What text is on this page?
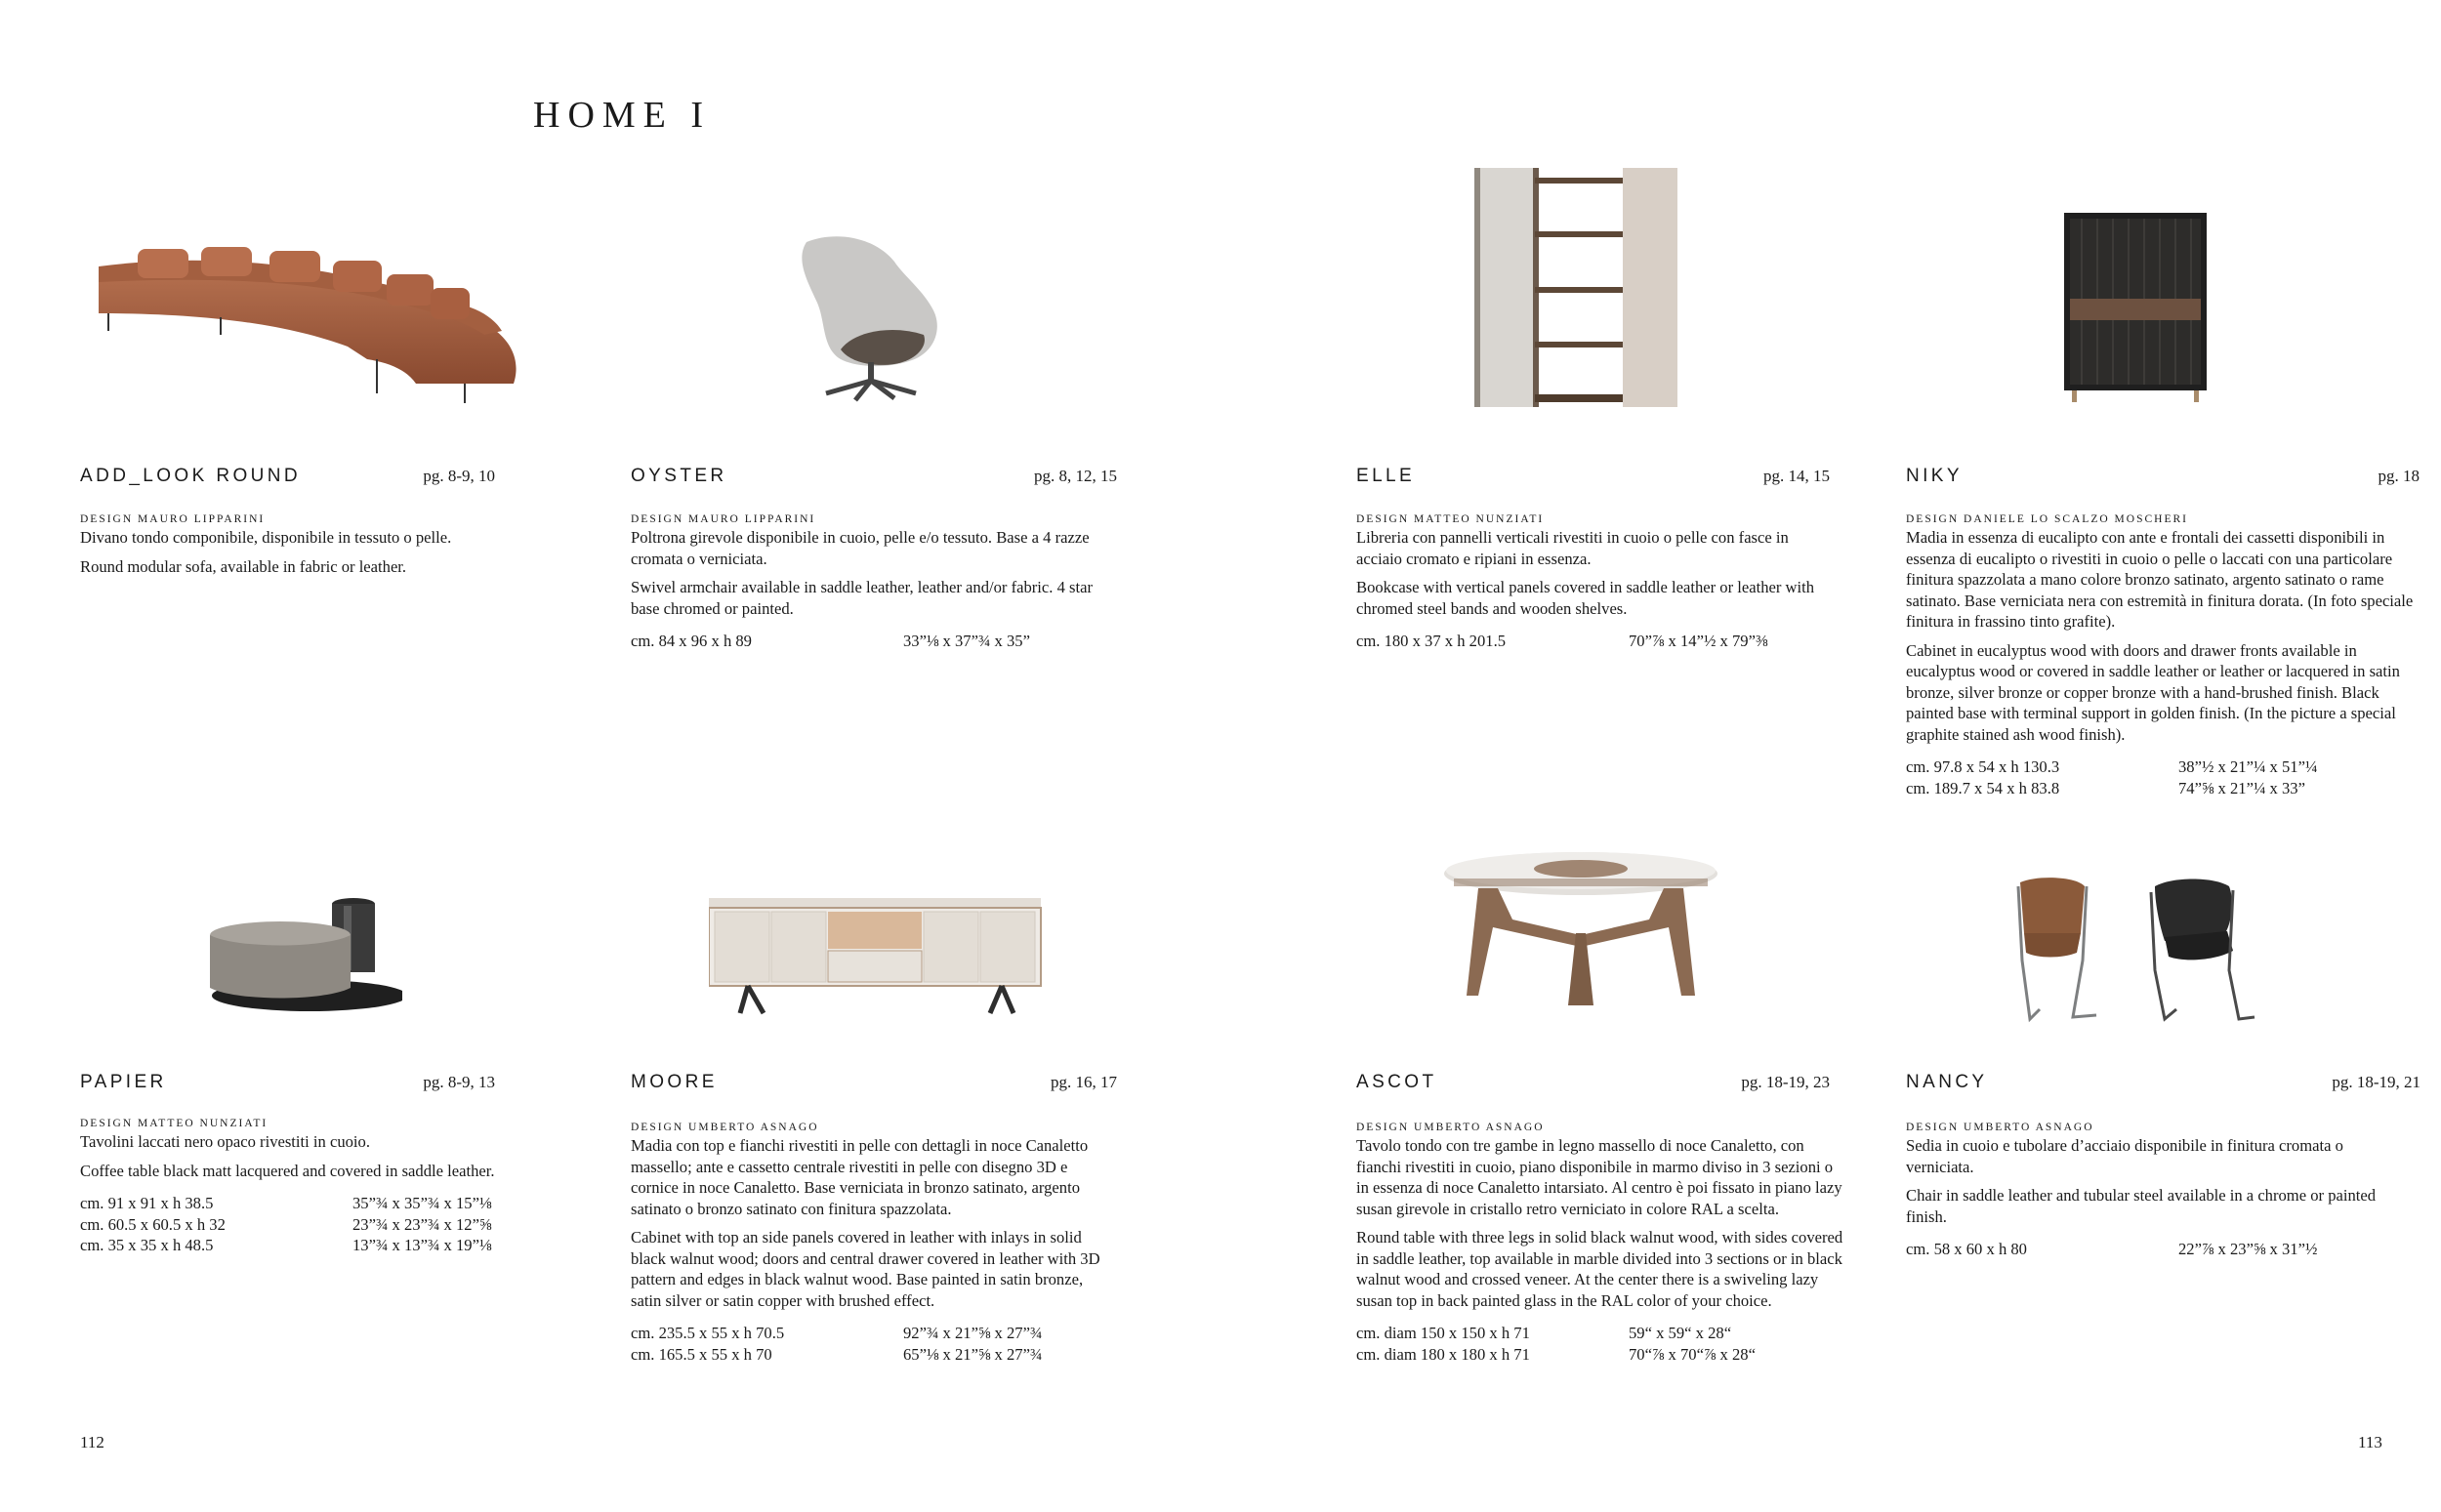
HOME I
ADD_LOOK ROUND	pg. 8-9, 10
DESIGN MAURO LIPPARINI
Divano tondo componibile, disponibile in tessuto o pelle.
Round modular sofa, available in fabric or leather.
OYSTER	pg. 8, 12, 15
DESIGN MAURO LIPPARINI
Poltrona girevole disponibile in cuoio, pelle e/o tessuto. Base a 4 razze cromata o verniciata.
Swivel armchair available in saddle leather, leather and/or fabric. 4 star base chromed or painted.
cm. 84 x 96 x h 89	33”⅛ x 37”¾ x 35”
ELLE	pg. 14, 15
DESIGN MATTEO NUNZIATI
Libreria con pannelli verticali rivestiti in cuoio o pelle con fasce in acciaio cromato e ripiani in essenza.
Bookcase with vertical panels covered in saddle leather or leather with chromed steel bands and wooden shelves.
cm. 180 x 37 x h 201.5	70”⅞ x 14”½ x 79”⅜
NIKY	pg. 18
DESIGN DANIELE LO SCALZO MOSCHERI
Madia in essenza di eucalipto con ante e frontali dei cassetti disponibili in essenza di eucalipto o rivestiti in cuoio o pelle o laccati con una particolare finitura spazzolata a mano colore bronzo satinato, argento satinato o rame satinato. Base verniciata nera con estremità in finitura dorata. (In foto speciale finitura in frassino tinto grafite).
Cabinet in eucalyptus wood with doors and drawer fronts available in eucalyptus wood or covered in saddle leather or leather or lacquered in satin bronze, silver bronze or copper bronze with a hand-brushed finish. Black painted base with terminal support in golden finish. (In the picture a special graphite stained ash wood finish).
cm. 97.8 x 54 x h 130.3	38”½ x 21”¼ x 51”¼
cm. 189.7 x 54 x h 83.8	74”⅝ x 21”¼ x 33”
PAPIER	pg. 8-9, 13
DESIGN MATTEO NUNZIATI
Tavolini laccati nero opaco rivestiti in cuoio.
Coffee table black matt lacquered and covered in saddle leather.
cm. 91 x 91 x h 38.5	35”¾ x 35”¾ x 15”⅛
cm. 60.5 x 60.5 x h 32	23”¾ x 23”¾ x 12”⅝
cm. 35 x 35 x h 48.5	13”¾ x 13”¾ x 19”⅛
MOORE	pg. 16, 17
DESIGN UMBERTO ASNAGO
Madia con top e fianchi rivestiti in pelle con dettagli in noce Canaletto massello; ante e cassetto centrale rivestiti in pelle con disegno 3D e cornice in noce Canaletto. Base verniciata in bronzo satinato, argento satinato o bronzo satinato con finitura spazzolata.
Cabinet with top an side panels covered in leather with inlays in solid black walnut wood; doors and central drawer covered in leather with 3D pattern and edges in black walnut wood. Base painted in satin bronze, satin silver or satin copper with brushed effect.
cm. 235.5 x 55 x h 70.5	92”¾ x 21”⅝ x 27”¾
cm. 165.5 x 55 x h 70	65”⅛ x 21”⅝ x 27”¾
ASCOT	pg. 18-19, 23
DESIGN UMBERTO ASNAGO
Tavolo tondo con tre gambe in legno massello di noce Canaletto, con fianchi rivestiti in cuoio, piano disponibile in marmo diviso in 3 sezioni o in essenza di noce Canaletto intarsiato. Al centro è poi fissato in piano lazy susan girevole in cristallo retro verniciato in colore RAL a scelta.
Round table with three legs in solid black walnut wood, with sides covered in saddle leather, top available in marble divided into 3 sections or in black walnut wood and crossed veneer. At the center there is a swiveling lazy susan top in back painted glass in the RAL color of your choice.
cm. diam 150 x 150 x h 71	59“ x 59“ x 28“
cm. diam 180 x 180 x h 71	70“⅞ x 70“⅞ x 28“
NANCY	pg. 18-19, 21
DESIGN UMBERTO ASNAGO
Sedia in cuoio e tubolare d’acciaio disponibile in finitura cromata o verniciata.
Chair in saddle leather and tubular steel available in a chrome or painted finish.
cm. 58 x 60 x h 80	22”⅞ x 23”⅝ x 31”½
112	113
